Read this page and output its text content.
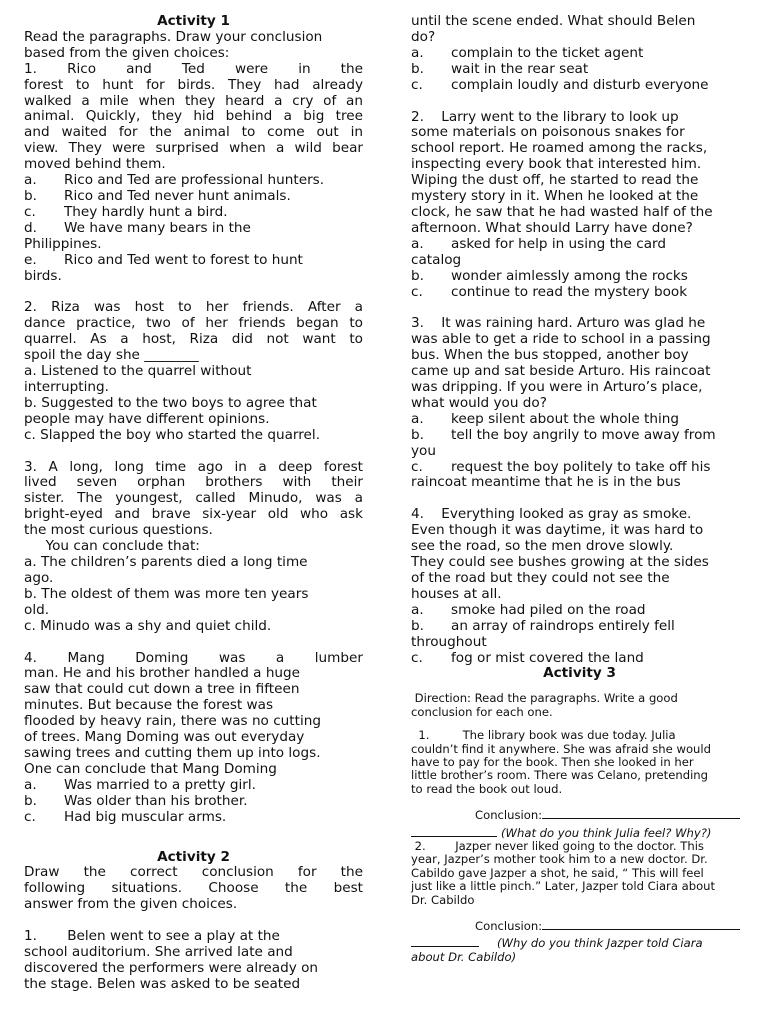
Activity 1
Read the paragraphs. Draw your conclusion
based from the given choices:
1. Rico and Ted were in the
forest to hunt for birds. They had already
walked a mile when they heard a cry of an
animal. Quickly, they hid behind a big tree
and waited for the animal to come out in
view. They were surprised when a wild bear
moved behind them.
a.	Rico and Ted are professional hunters.
b.	Rico and Ted never hunt animals.
c.	They hardly hunt a bird.
d.	We have many bears in the
Philippines.
e.	Rico and Ted went to forest to hunt
birds.
2. Riza was host to her friends. After a
dance practice, two of her friends began to
quarrel. As a host, Riza did not want to
spoil the day she ________
a. Listened to the quarrel without
interrupting.
b. Suggested to the two boys to agree that
people may have different opinions.
c. Slapped the boy who started the quarrel.
3. A long, long time ago in a deep forest
lived seven orphan brothers with their
sister. The youngest, called Minudo, was a
bright-eyed and brave six-year old who ask
the most curious questions.
You can conclude that:
a. The children’s parents died a long time
ago.
b. The oldest of them was more ten years
old.
c. Minudo was a shy and quiet child.
4. Mang Doming was a lumber
man. He and his brother handled a huge
saw that could cut down a tree in fifteen
minutes. But because the forest was
flooded by heavy rain, there was no cutting
of trees. Mang Doming was out everyday
sawing trees and cutting them up into logs.
One can conclude that Mang Doming
a.	Was married to a pretty girl.
b.	Was older than his brother.
c.	Had big muscular arms.
Activity 2
Draw the correct conclusion for the
following situations. Choose the best
answer from the given choices.
1.       Belen went to see a play at the
school auditorium. She arrived late and
discovered the performers were already on
the stage. Belen was asked to be seated
until the scene ended. What should Belen
do?
a.	complain to the ticket agent
b.	wait in the rear seat
c.	complain loudly and disturb everyone
2.    Larry went to the library to look up
some materials on poisonous snakes for
school report. He roamed among the racks,
inspecting every book that interested him.
Wiping the dust off, he started to read the
mystery story in it. When he looked at the
clock, he saw that he had wasted half of the
afternoon. What should Larry have done?
a.	asked for help in using the card
catalog
b.	wonder aimlessly among the rocks
c.	continue to read the mystery book
3.    It was raining hard. Arturo was glad he
was able to get a ride to school in a passing
bus. When the bus stopped, another boy
came up and sat beside Arturo. His raincoat
was dripping. If you were in Arturo’s place,
what would you do?
a.	keep silent about the whole thing
b.	tell the boy angrily to move away from
you
c.	request the boy politely to take off his
raincoat meantime that he is in the bus
4.    Everything looked as gray as smoke.
Even though it was daytime, it was hard to
see the road, so the men drove slowly.
They could see bushes growing at the sides
of the road but they could not see the
houses at all.
a.	smoke had piled on the road
b.	an array of raindrops entirely fell
throughout
c.	fog or mist covered the land
Activity 3
Direction: Read the paragraphs. Write a good
conclusion for each one.
1.         The library book was due today. Julia
couldn’t find it anywhere. She was afraid she would
have to pay for the book. Then she looked in her
little brother’s room. There was Celano, pretending
to read the book out loud.
Conclusion:
(What do you think Julia feel? Why?)
2.        Jazper never liked going to the doctor. This
year, Jazper’s mother took him to a new doctor. Dr.
Cabildo gave Jazper a shot, he said, “ This will feel
just like a little pinch.” Later, Jazper told Ciara about
Dr. Cabildo
Conclusion:
(Why do you think Jazper told Ciara
about Dr. Cabildo)
